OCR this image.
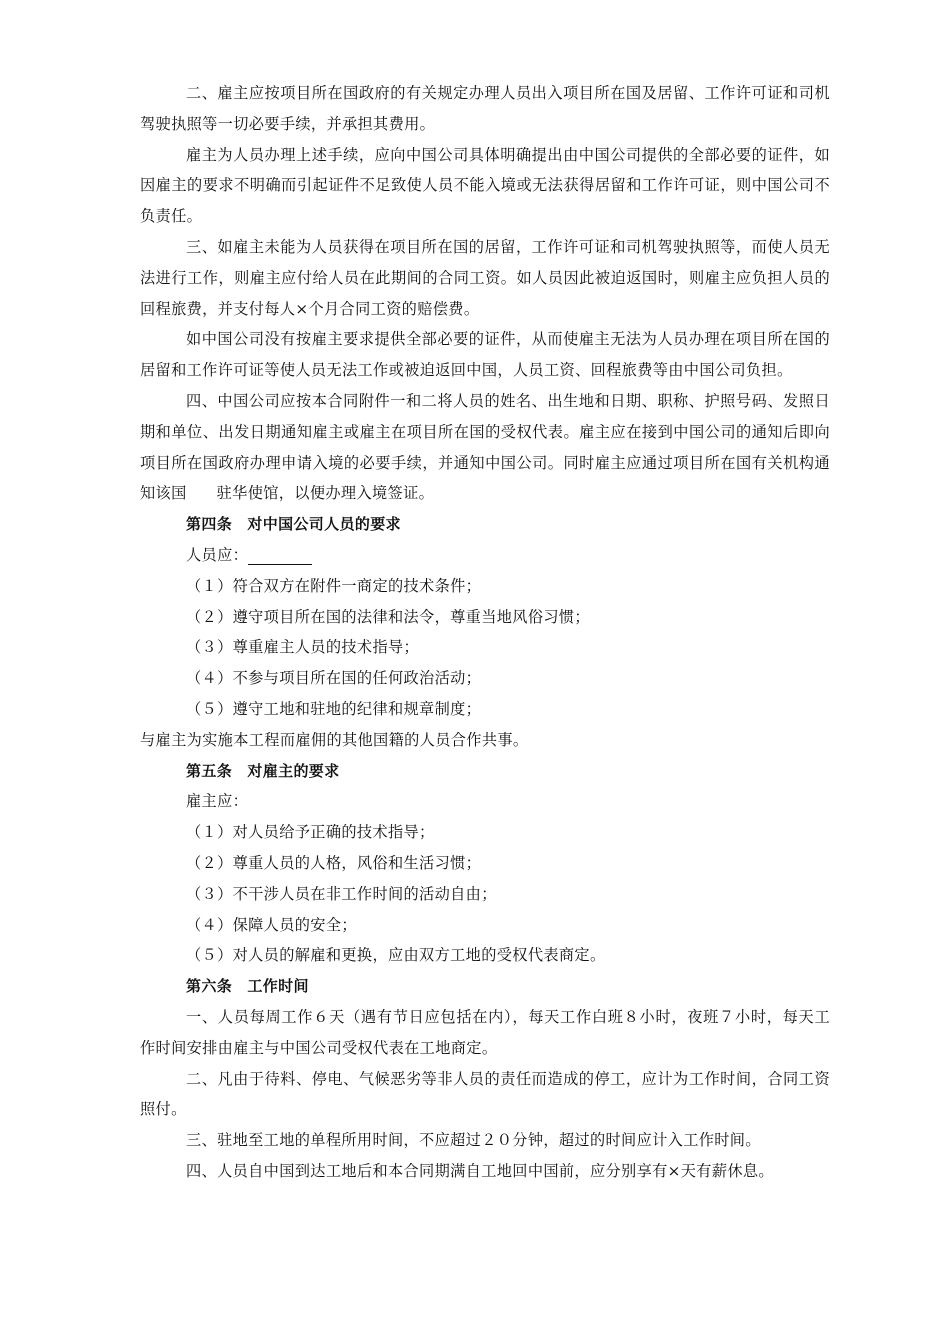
二、雇主应按项目所在国政府的有关规定办理人员出入项目所在国及居留、工作许可证和司机驾驶执照等一切必要手续，并承担其费用。

雇主为人员办理上述手续，应向中国公司具体明确提出由中国公司提供的全部必要的证件，如因雇主的要求不明确而引起证件不足致使人员不能入境或无法获得居留和工作许可证，则中国公司不负责任。

三、如雇主未能为人员获得在项目所在国的居留，工作许可证和司机驾驶执照等，而使人员无法进行工作，则雇主应付给人员在此期间的合同工资。如人员因此被迫返国时，则雇主应负担人员的回程旅费，并支付每人×个月合同工资的赔偿费。

如中国公司没有按雇主要求提供全部必要的证件，从而使雇主无法为人员办理在项目所在国的居留和工作许可证等使人员无法工作或被迫返回中国，人员工资、回程旅费等由中国公司负担。

四、中国公司应按本合同附件一和二将人员的姓名、出生地和日期、职称、护照号码、发照日期和单位、出发日期通知雇主或雇主在项目所在国的受权代表。雇主应在接到中国公司的通知后即向项目所在国政府办理申请入境的必要手续，并通知中国公司。同时雇主应通过项目所在国有关机构通知该国 驻华使馆，以便办理入境签证。

第四条　对中国公司人员的要求

人员应：

（１）符合双方在附件一商定的技术条件；

（２）遵守项目所在国的法律和法令，尊重当地风俗习惯；

（３）尊重雇主人员的技术指导；

（４）不参与项目所在国的任何政治活动；

（５）遵守工地和驻地的纪律和规章制度；

与雇主为实施本工程而雇佣的其他国籍的人员合作共事。

第五条　对雇主的要求

雇主应：

（１）对人员给予正确的技术指导；

（２）尊重人员的人格，风俗和生活习惯；

（３）不干涉人员在非工作时间的活动自由；

（４）保障人员的安全；

（５）对人员的解雇和更换，应由双方工地的受权代表商定。

第六条　工作时间

一、人员每周工作６天（遇有节日应包括在内），每天工作白班８小时，夜班７小时，每天工作时间安排由雇主与中国公司受权代表在工地商定。

二、凡由于待料、停电、气候恶劣等非人员的责任而造成的停工，应计为工作时间，合同工资照付。

三、驻地至工地的单程所用时间，不应超过２０分钟，超过的时间应计入工作时间。

四、人员自中国到达工地后和本合同期满自工地回中国前，应分别享有×天有薪休息。
